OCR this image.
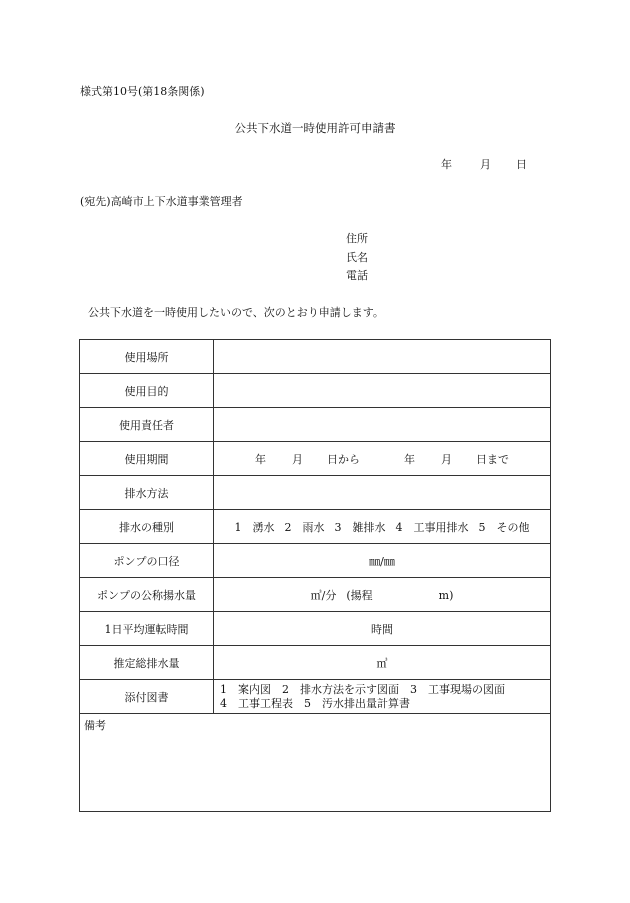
様式第10号(第18条関係)
公共下水道一時使用許可申請書
年	月 日
(宛先)高崎市上下水道事業管理者
住所
氏名
電話
公共下水道を一時使用したいので、次のとおり申請します。
使用場所	
使用目的	
使用責任者	
使用期間	年 月 日から 年 月 日まで
排水方法	
排水の種別	1　湧水 2　雨水 3　雑排水 4　工事用排水 5　その他
ポンプの口径	㎜/㎜
ポンプの公称揚水量	㎥/分 (揚程 m)
1日平均運転時間	時間
推定総排水量	㎥
添付図書	1　案内図　2　排水方法を示す図面　3　工事現場の図面
4　工事工程表　5　汚水排出量計算書

備考	
